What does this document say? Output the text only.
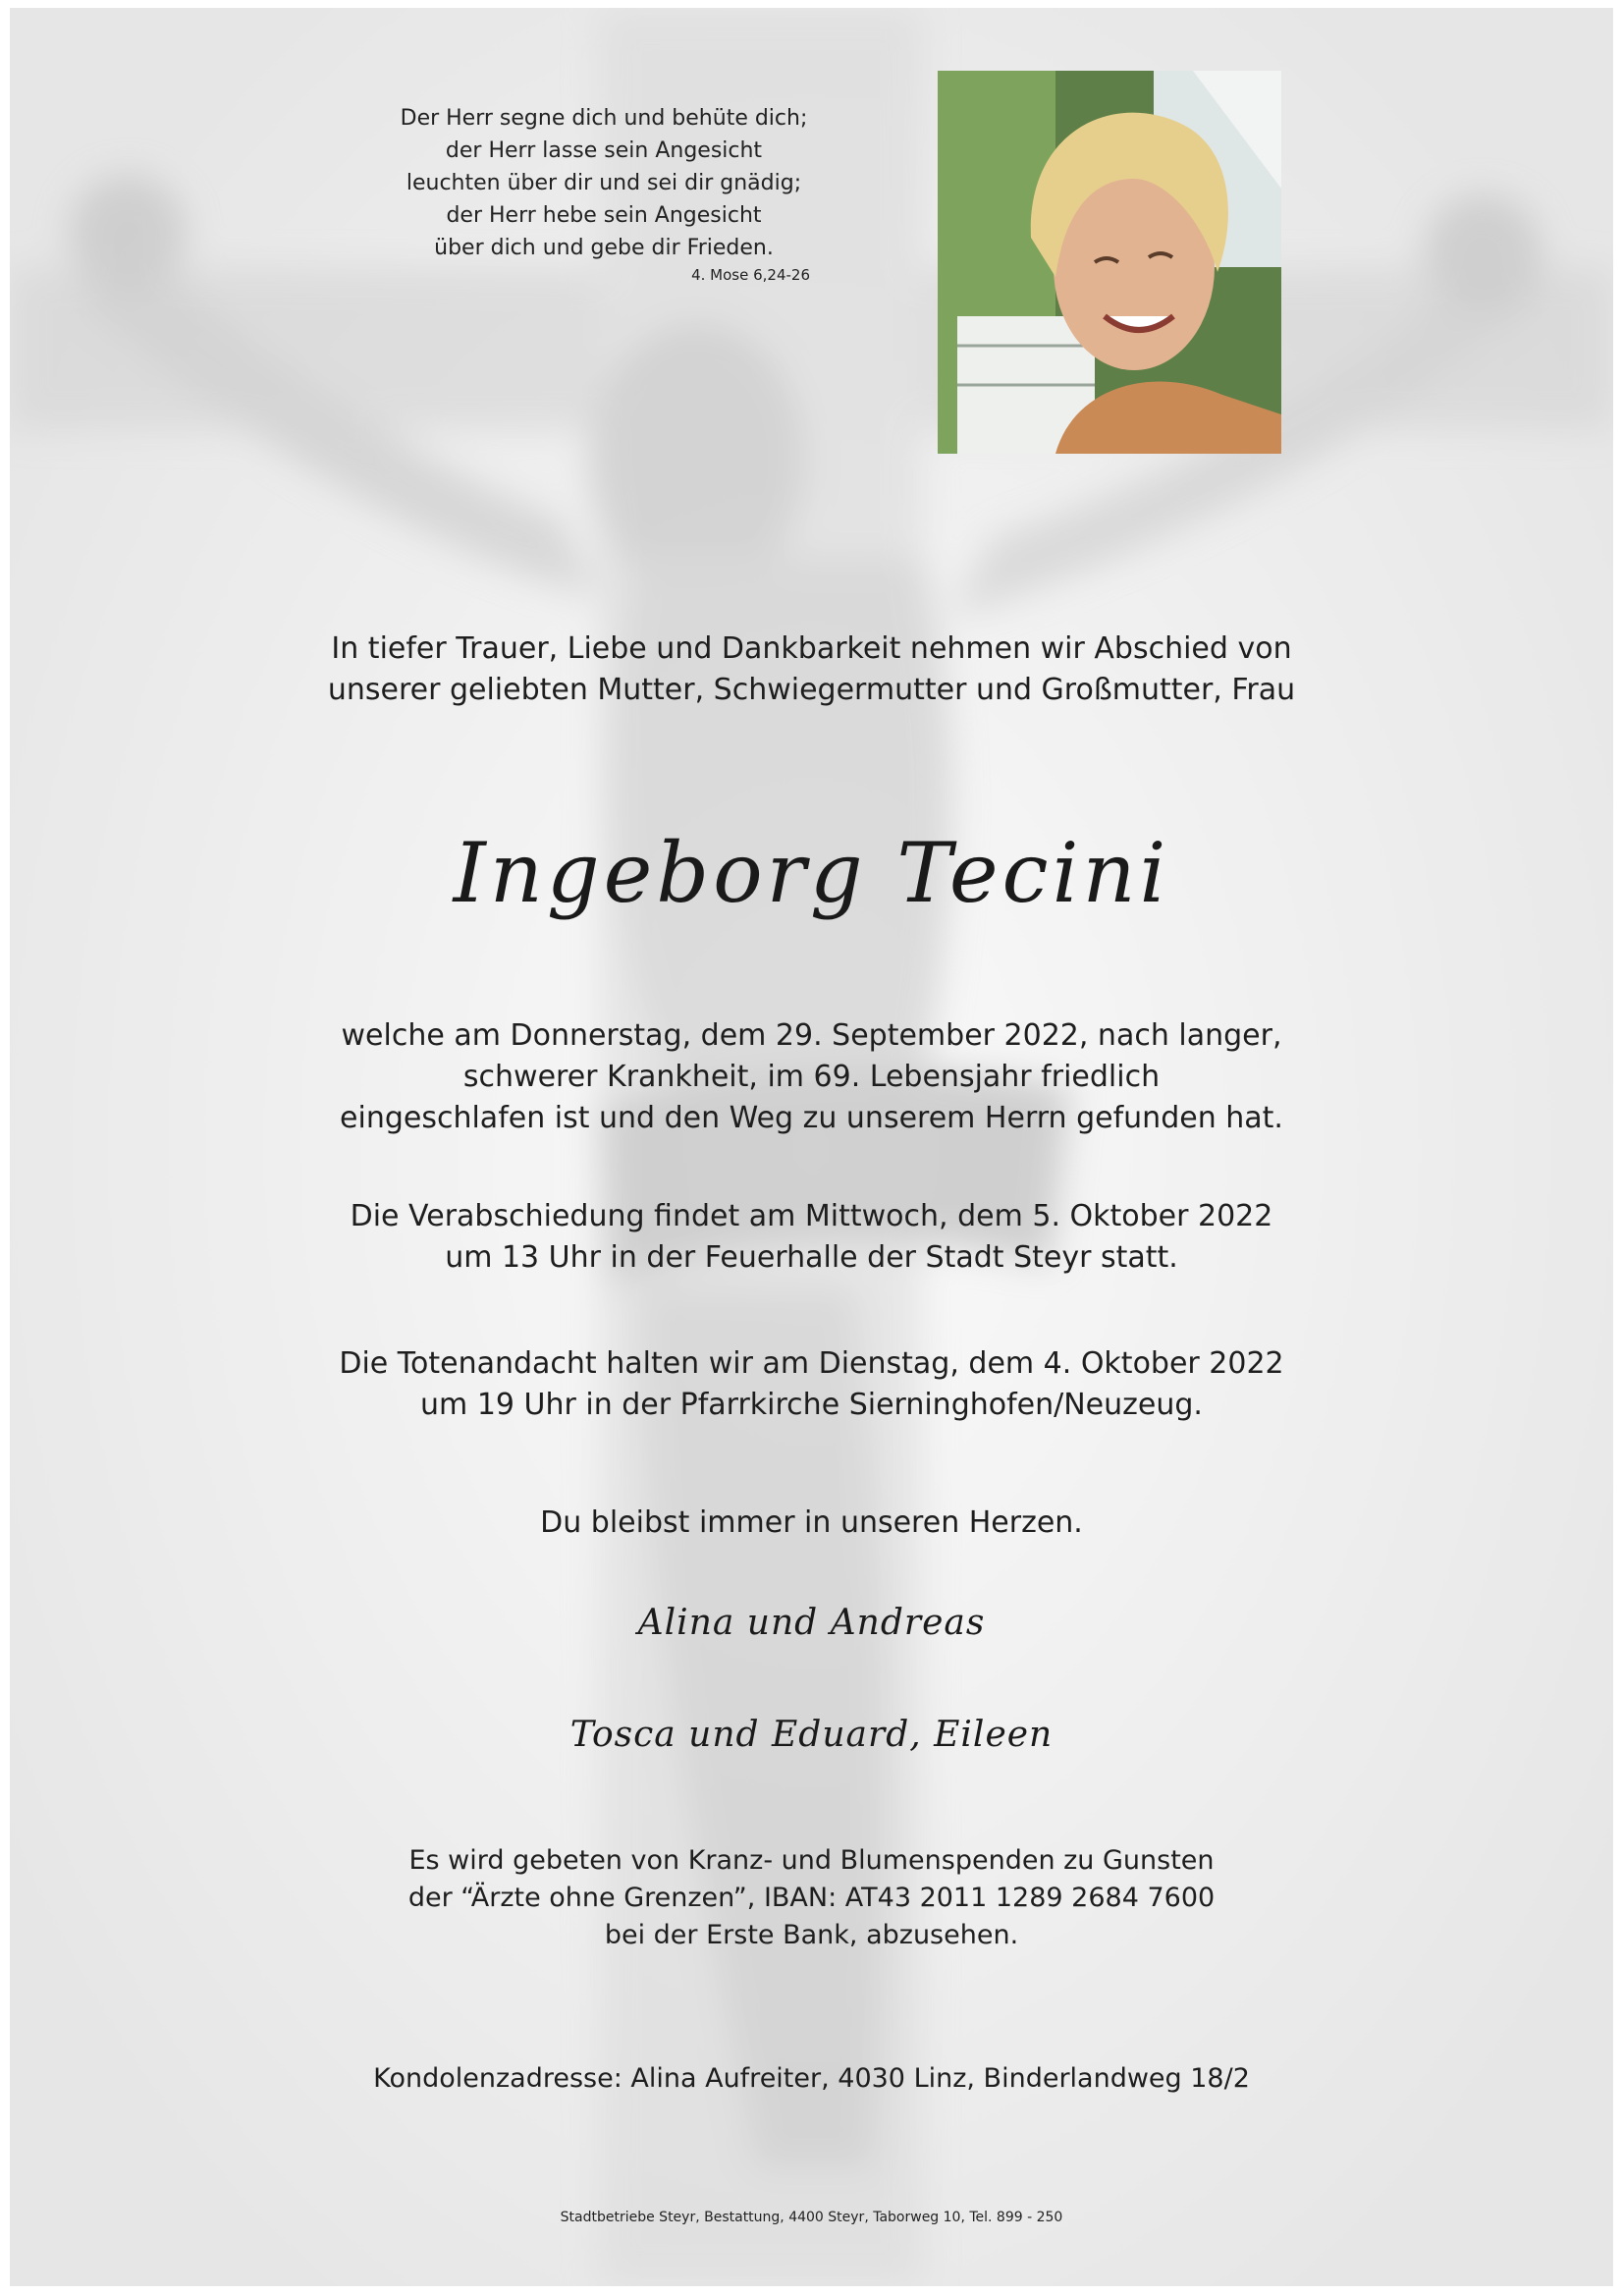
Der Herr segne dich und behüte dich;
der Herr lasse sein Angesicht
leuchten über dir und sei dir gnädig;
der Herr hebe sein Angesicht
über dich und gebe dir Frieden.
4. Mose 6,24-26
In tiefer Trauer, Liebe und Dankbarkeit nehmen wir Abschied von
unserer geliebten Mutter, Schwiegermutter und Großmutter, Frau
Ingeborg Tecini
welche am Donnerstag, dem 29. September 2022, nach langer,
schwerer Krankheit, im 69. Lebensjahr friedlich
eingeschlafen ist und den Weg zu unserem Herrn gefunden hat.
Die Verabschiedung findet am Mittwoch, dem 5. Oktober 2022
um 13 Uhr in der Feuerhalle der Stadt Steyr statt.
Die Totenandacht halten wir am Dienstag, dem 4. Oktober 2022
um 19 Uhr in der Pfarrkirche Sierninghofen/Neuzeug.
Du bleibst immer in unseren Herzen.
Alina und Andreas
Tosca und Eduard, Eileen
Es wird gebeten von Kranz- und Blumenspenden zu Gunsten
der “Ärzte ohne Grenzen”, IBAN: AT43 2011 1289 2684 7600
bei der Erste Bank, abzusehen.
Kondolenzadresse: Alina Aufreiter, 4030 Linz, Binderlandweg 18/2
Stadtbetriebe Steyr, Bestattung, 4400 Steyr, Taborweg 10, Tel. 899 - 250
